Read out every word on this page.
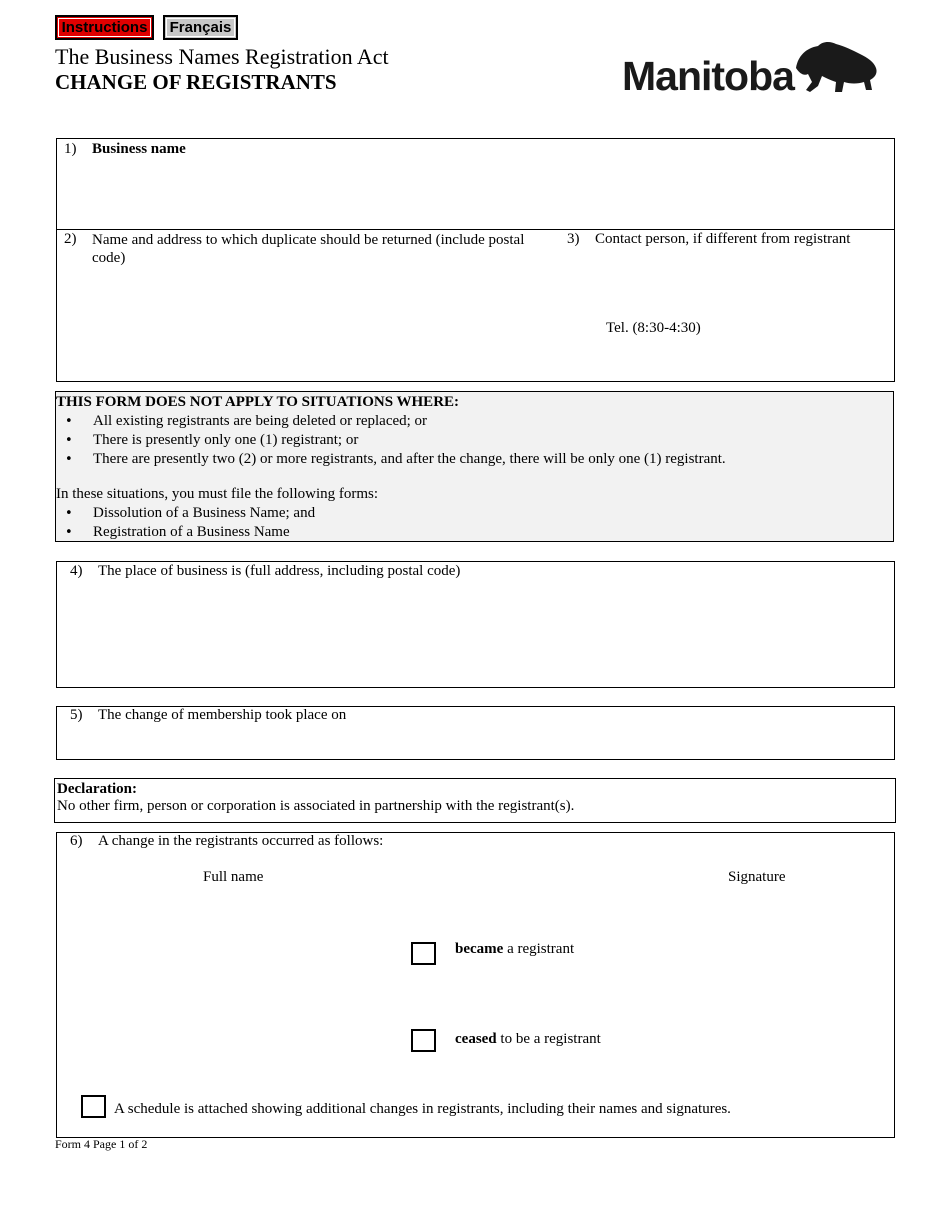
Instructions Français
The Business Names Registration Act
CHANGE OF REGISTRANTS	Manitoba
1) Business name
2) Name and address to which duplicate should be returned (include postal code)
3) Contact person, if different from registrant
Tel. (8:30-4:30)
THIS FORM DOES NOT APPLY TO SITUATIONS WHERE:
• All existing registrants are being deleted or replaced; or
• There is presently only one (1) registrant; or
• There are presently two (2) or more registrants, and after the change, there will be only one (1) registrant.
In these situations, you must file the following forms:
• Dissolution of a Business Name; and
• Registration of a Business Name
4) The place of business is (full address, including postal code)
5) The change of membership took place on
Declaration:
No other firm, person or corporation is associated in partnership with the registrant(s).
6) A change in the registrants occurred as follows:
Full name	Signature
became a registrant
ceased to be a registrant
A schedule is attached showing additional changes in registrants, including their names and signatures.
Form 4 Page 1 of 2
